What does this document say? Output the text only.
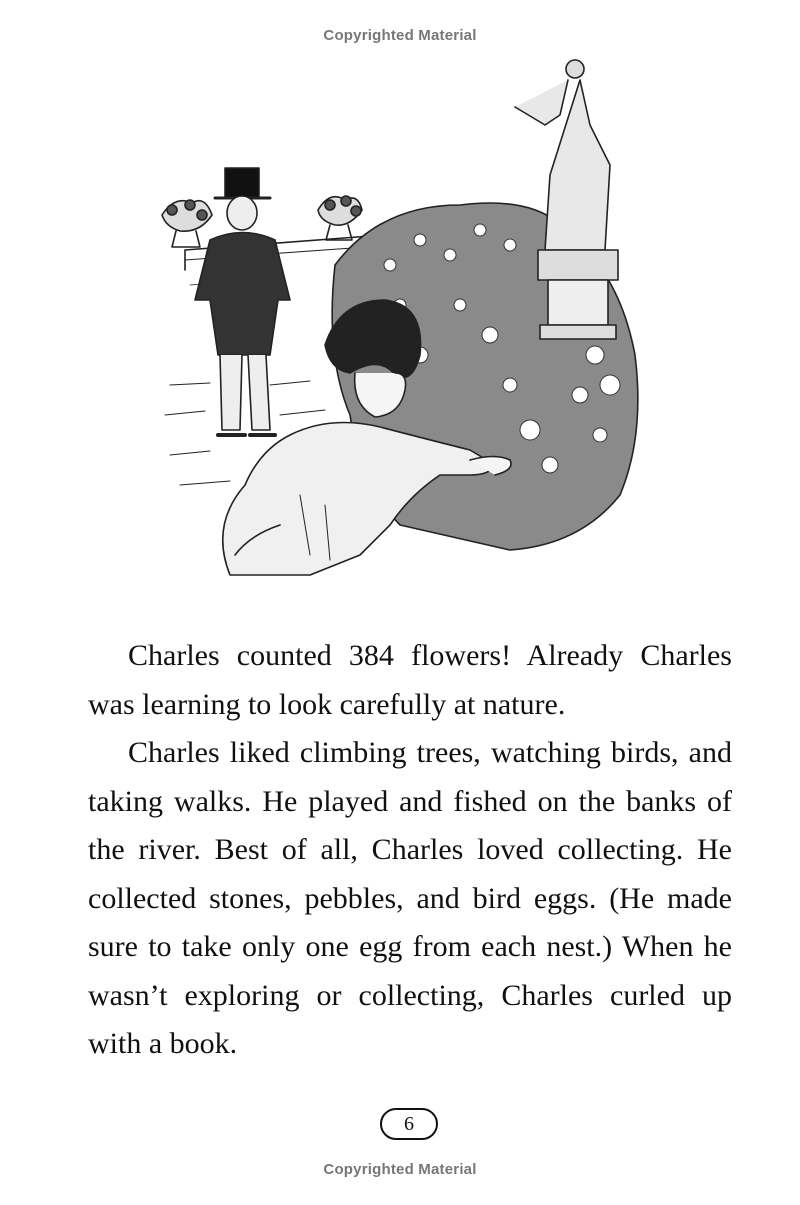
Copyrighted Material

Charles counted 384 flowers! Already Charles was learning to look carefully at nature.

Charles liked climbing trees, watching birds, and taking walks. He played and fished on the banks of the river. Best of all, Charles loved collecting. He collected stones, pebbles, and bird eggs. (He made sure to take only one egg from each nest.) When he wasn’t exploring or collecting, Charles curled up with a book.

6
Copyrighted Material
